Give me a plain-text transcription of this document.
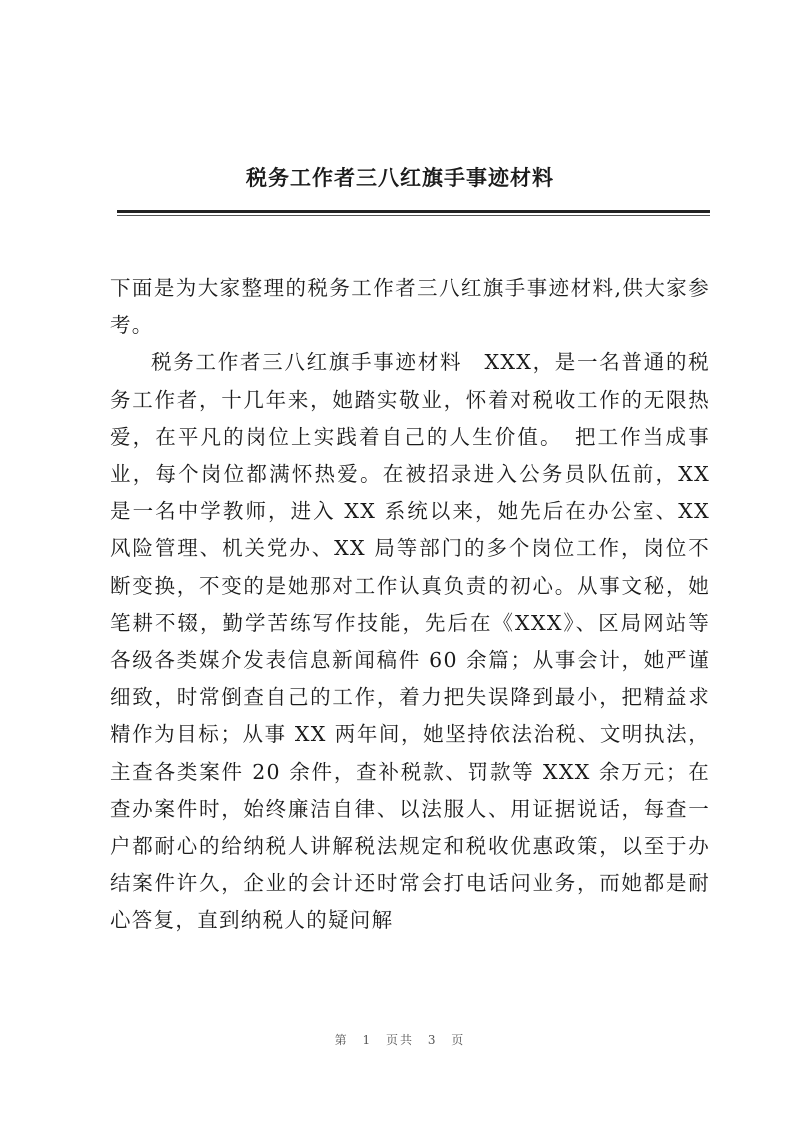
税务工作者三八红旗手事迹材料

下面是为大家整理的税务工作者三八红旗手事迹材料,供大家参考。

税务工作者三八红旗手事迹材料　XXX，是一名普通的税务工作者，十几年来，她踏实敬业，怀着对税收工作的无限热爱，在平凡的岗位上实践着自己的人生价值。　把工作当成事业，每个岗位都满怀热爱。在被招录进入公务员队伍前，XX 是一名中学教师，进入 XX 系统以来，她先后在办公室、XX 风险管理、机关党办、XX 局等部门的多个岗位工作，岗位不断变换，不变的是她那对工作认真负责的初心。从事文秘，她笔耕不辍，勤学苦练写作技能，先后在《XXX》、区局网站等各级各类媒介发表信息新闻稿件 60 余篇；从事会计，她严谨细致，时常倒查自己的工作，着力把失误降到最小，把精益求精作为目标；从事 XX 两年间，她坚持依法治税、文明执法，主查各类案件 20 余件，查补税款、罚款等 XXX 余万元；在查办案件时，始终廉洁自律、以法服人、用证据说话，每查一户都耐心的给纳税人讲解税法规定和税收优惠政策，以至于办结案件许久，企业的会计还时常会打电话问业务，而她都是耐心答复，直到纳税人的疑问解

第 1 页共 3 页
